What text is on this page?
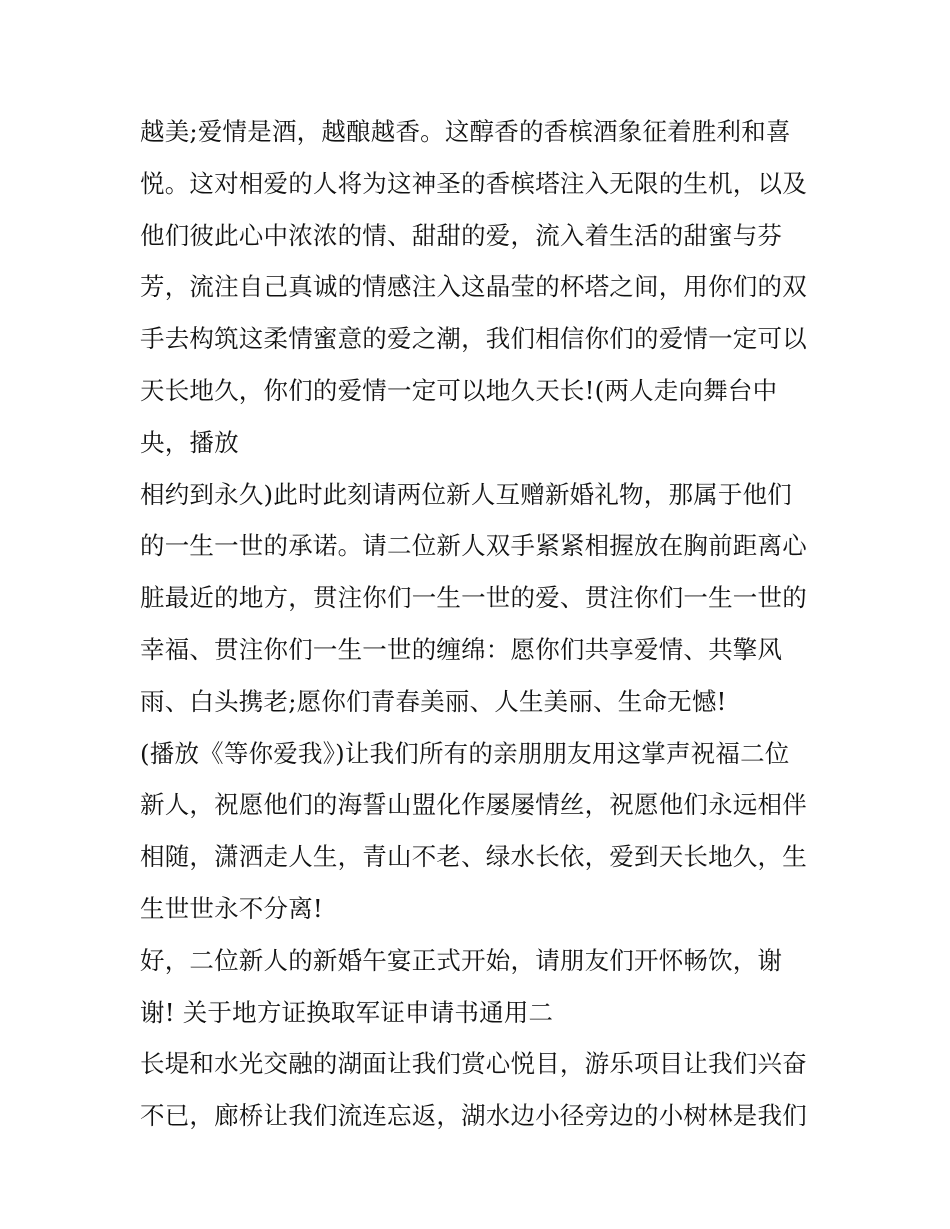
越美;爱情是酒，越酿越香。这醇香的香槟酒象征着胜利和喜
悦。这对相爱的人将为这神圣的香槟塔注入无限的生机，以及
他们彼此心中浓浓的情、甜甜的爱，流入着生活的甜蜜与芬
芳，流注自己真诚的情感注入这晶莹的杯塔之间，用你们的双
手去构筑这柔情蜜意的爱之潮，我们相信你们的爱情一定可以
天长地久，你们的爱情一定可以地久天长!(两人走向舞台中
央，播放
相约到永久)此时此刻请两位新人互赠新婚礼物，那属于他们
的一生一世的承诺。请二位新人双手紧紧相握放在胸前距离心
脏最近的地方，贯注你们一生一世的爱、贯注你们一生一世的
幸福、贯注你们一生一世的缠绵：愿你们共享爱情、共擎风
雨、白头携老;愿你们青春美丽、人生美丽、生命无憾!
(播放《等你爱我》)让我们所有的亲朋朋友用这掌声祝福二位
新人，祝愿他们的海誓山盟化作屡屡情丝，祝愿他们永远相伴
相随，潇洒走人生，青山不老、绿水长依，爱到天长地久，生
生世世永不分离!
好，二位新人的新婚午宴正式开始，请朋友们开怀畅饮，谢
谢! 关于地方证换取军证申请书通用二
长堤和水光交融的湖面让我们赏心悦目，游乐项目让我们兴奋
不已，廊桥让我们流连忘返，湖水边小径旁边的小树林是我们
